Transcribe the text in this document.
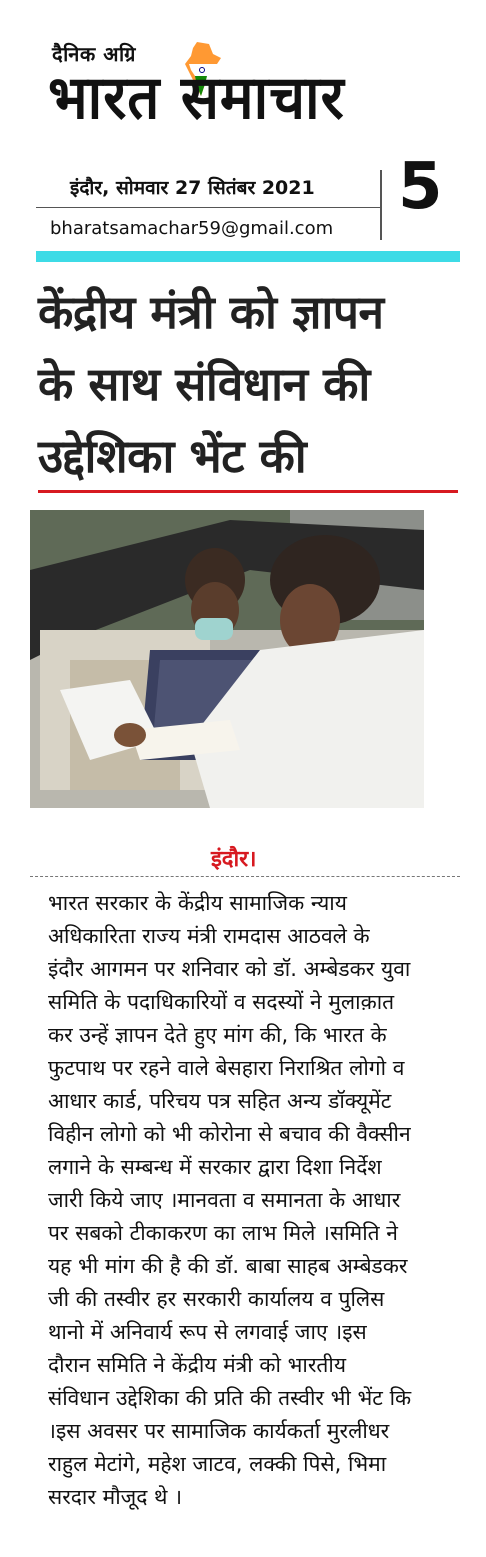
दैनिक अग्रि
भारत समाचार
इंदौर, सोमवार 27 सितंबर 2021 5
bharatsamachar59@gmail.com
केंद्रीय मंत्री को ज्ञापन
के साथ संविधान की
उद्देशिका भेंट की
इंदौर।
भारत सरकार के केंद्रीय सामाजिक न्याय
अधिकारिता राज्य मंत्री रामदास आठवले के
इंदौर आगमन पर शनिवार को डॉ. अम्बेडकर युवा
समिति के पदाधिकारियों व सदस्यों ने मुलाक़ात
कर उन्हें ज्ञापन देते हुए मांग की, कि भारत के
फुटपाथ पर रहने वाले बेसहारा निराश्रित लोगो व
आधार कार्ड, परिचय पत्र सहित अन्य डॉक्यूमेंट
विहीन लोगो को भी कोरोना से बचाव की वैक्सीन
लगाने के सम्बन्ध में सरकार द्वारा दिशा निर्देश
जारी किये जाए ।मानवता व समानता के आधार
पर सबको टीकाकरण का लाभ मिले ।समिति ने
यह भी मांग की है की डॉ. बाबा साहब अम्बेडकर
जी की तस्वीर हर सरकारी कार्यालय व पुलिस
थानो में अनिवार्य रूप से लगवाई जाए ।इस
दौरान समिति ने केंद्रीय मंत्री को भारतीय
संविधान उद्देशिका की प्रति की तस्वीर भी भेंट कि
।इस अवसर पर सामाजिक कार्यकर्ता मुरलीधर
राहुल मेटांगे, महेश जाटव, लक्की पिसे, भिमा
सरदार मौजूद थे ।
